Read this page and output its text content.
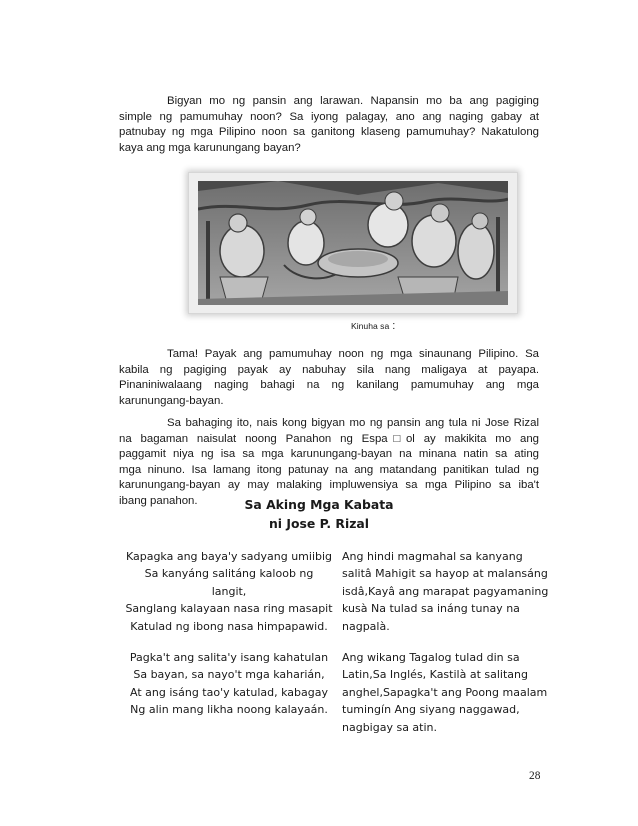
Bigyan mo ng pansin ang larawan. Napansin mo ba ang pagiging
simple ng pamumuhay noon? Sa iyong palagay, ano ang naging gabay at
patnubay ng mga Pilipino noon sa ganitong klaseng pamumuhay? Nakatulong
kaya ang mga karunungang bayan?
Kinuha sa :
Tama! Payak ang pamumuhay noon ng mga sinaunang Pilipino. Sa
kabila ng pagiging payak ay nabuhay sila nang maligaya at payapa.
Pinaniniwalaang naging bahagi na ng kanilang pamumuhay ang mga
karunungang-bayan.
Sa bahaging ito, nais kong bigyan mo ng pansin ang tula ni Jose Rizal
na bagaman naisulat noong Panahon ng Espa□ol ay makikita mo ang
paggamit niya ng isa sa mga karunungang-bayan na minana natin sa ating
mga ninuno. Isa lamang itong patunay na ang matandang panitikan tulad ng
karunungang-bayan ay may malaking impluwensiya sa mga Pilipino sa iba't
ibang panahon.	Sa Aking Mga Kabata
ni Jose P. Rizal
Kapagka ang baya'y sadyang umiibig
Sa kanyáng salitáng kaloob ng
langit,
Sanglang kalayaan nasa ring masapit
Katulad ng ibong nasa himpapawid.
Ang hindi magmahal sa kanyang
salitâ Mahigit sa hayop at malansáng
isdâ,Kayâ ang marapat pagyamaning
kusà Na tulad sa ináng tunay na
nagpalà.
Pagka't ang salita'y isang kahatulan
Sa bayan, sa nayo't mga kaharián,
At ang isáng tao'y katulad, kabagay
Ng alin mang likha noong kalayaán.
Ang wikang Tagalog tulad din sa
Latin,Sa Inglés, Kastilà at salitang
anghel,Sapagka't ang Poong maalam
tumingín Ang siyang naggawad,
nagbigay sa atin.
28
